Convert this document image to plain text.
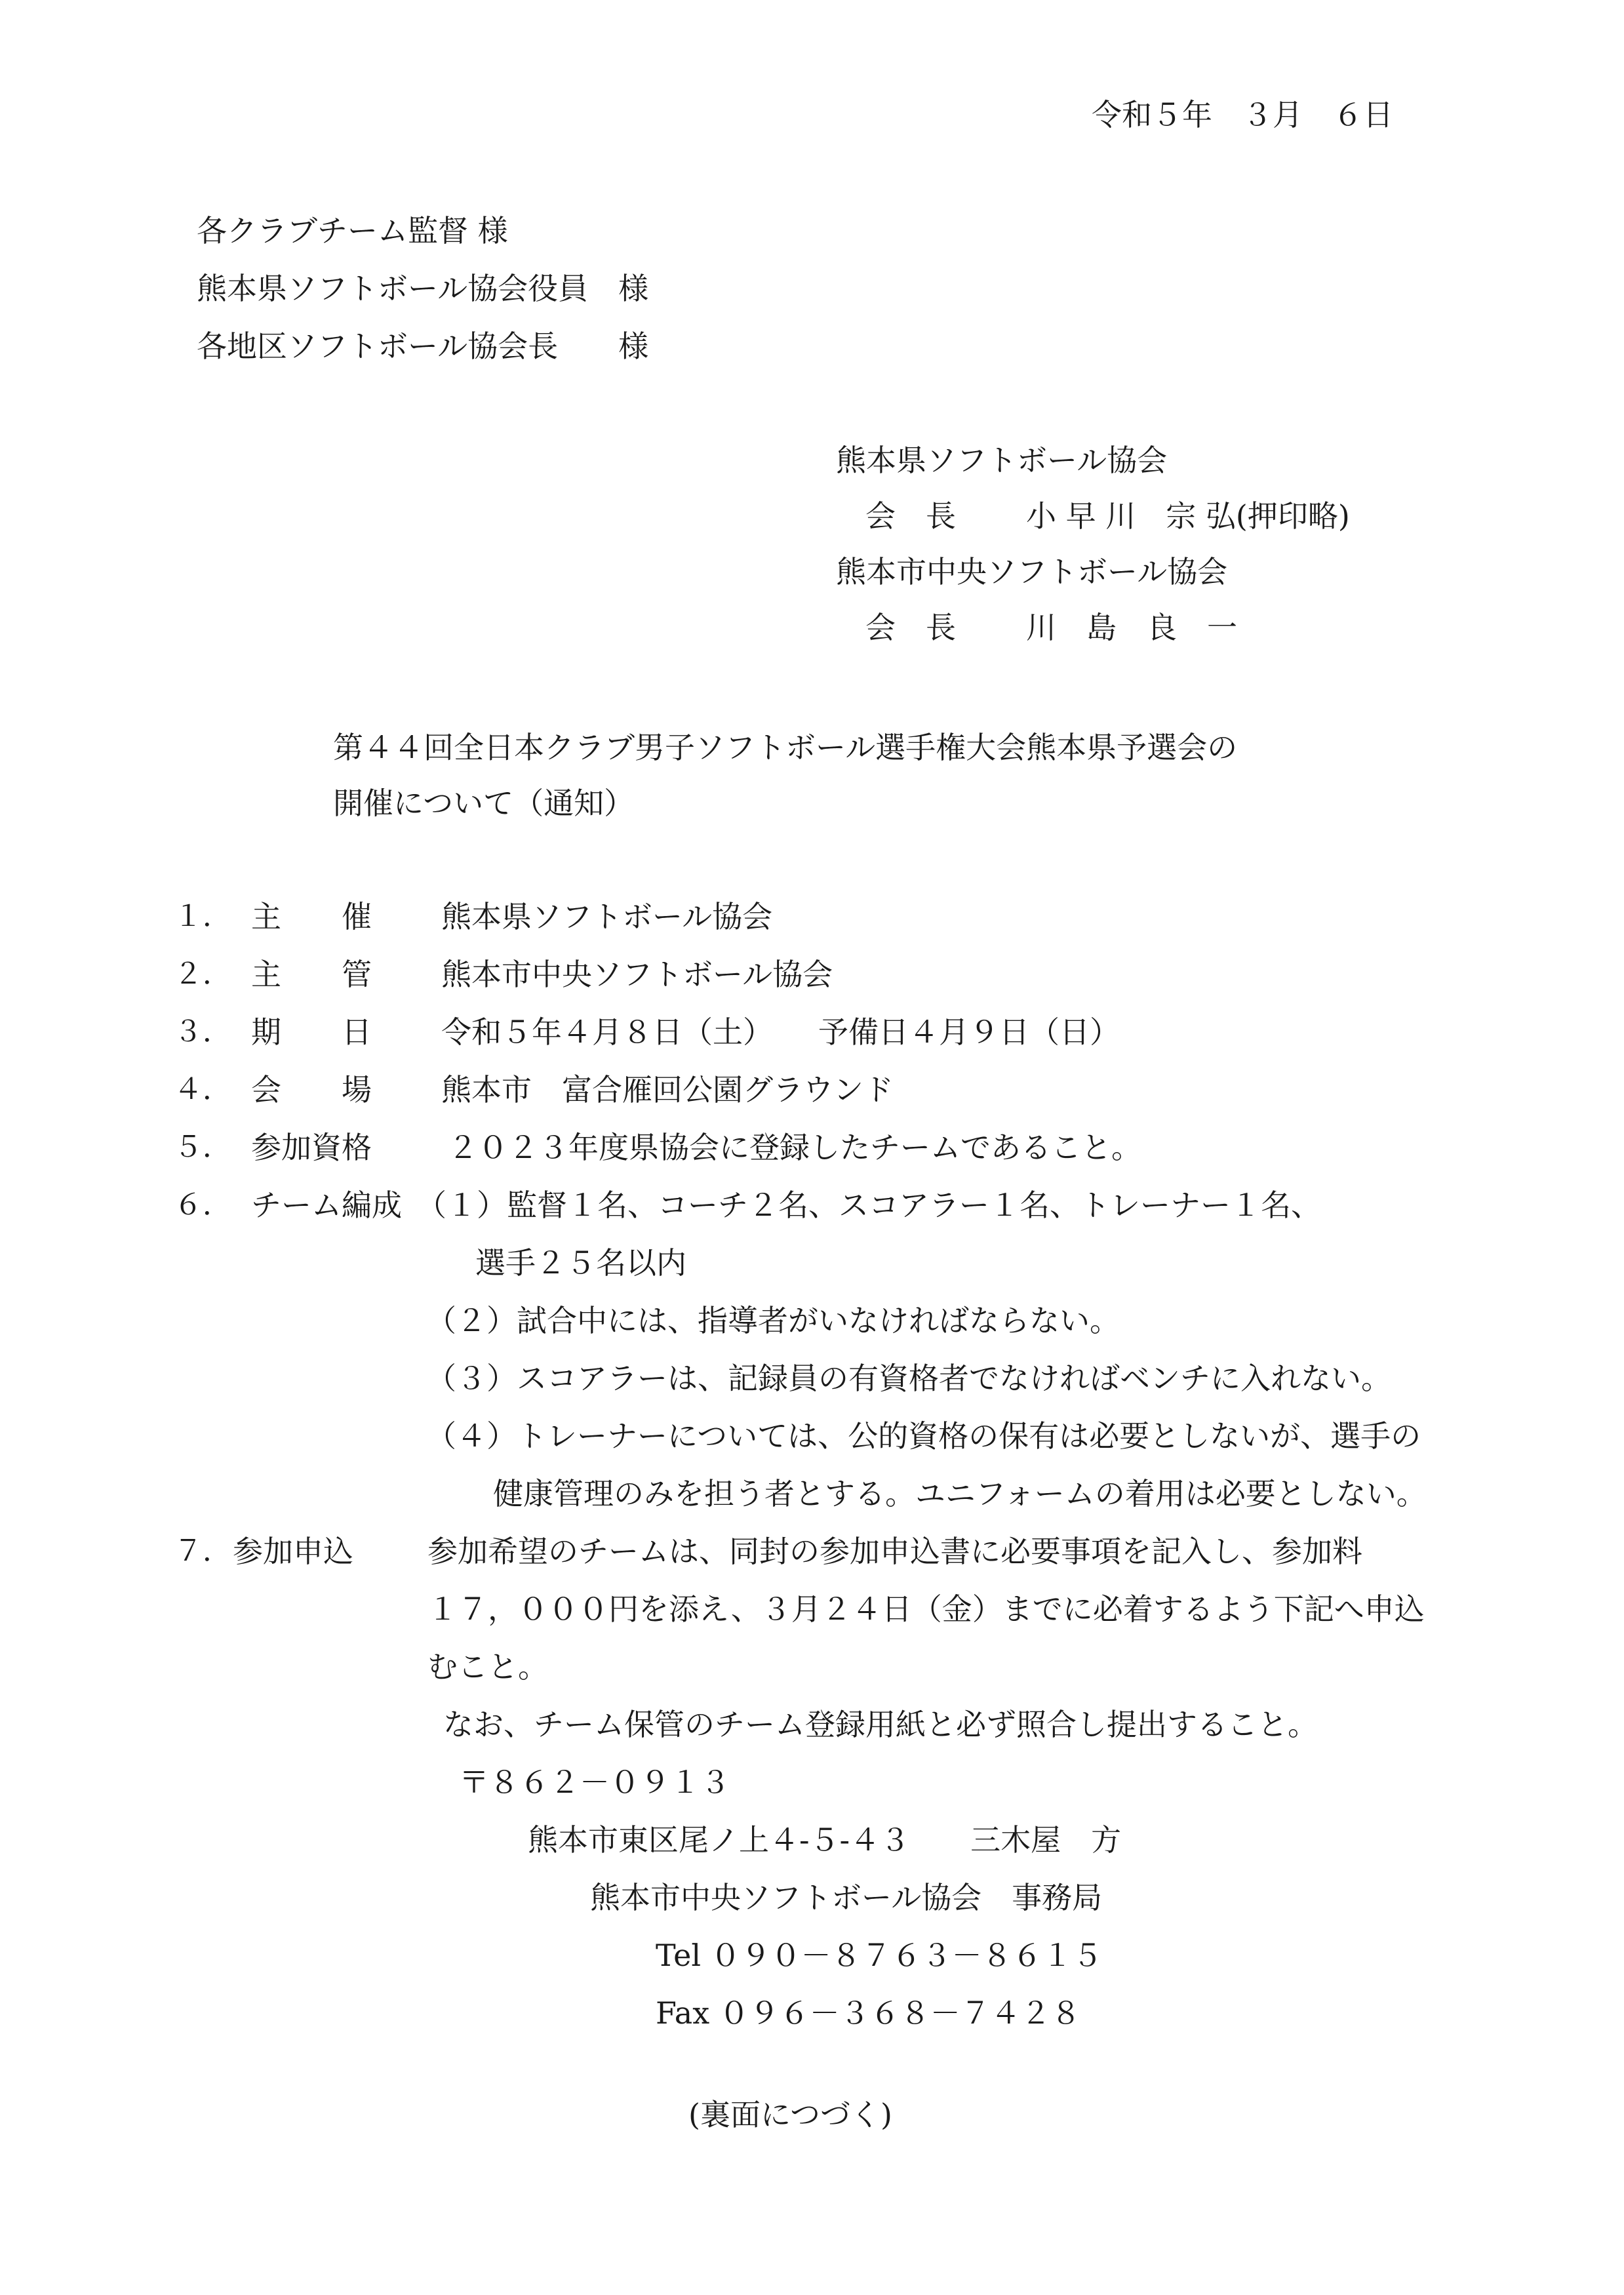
令和５年　３月　６日
各クラブチーム監督 様
熊本県ソフトボール協会役員　様
各地区ソフトボール協会長　　様
熊本県ソフトボール協会
会　長 小 早 川　宗 弘(押印略)
熊本市中央ソフトボール協会
会　長 川　島　良　一
第４４回全日本クラブ男子ソフトボール選手権大会熊本県予選会の
開催について（通知）
１． 主　　催 熊本県ソフトボール協会
２． 主　　管 熊本市中央ソフトボール協会
３． 期　　日 令和５年４月８日（土）　　予備日４月９日（日）
４． 会　　場 熊本市　富合雁回公園グラウンド
５． 参加資格	２０２３年度県協会に登録したチームであること。
６． チーム編成 （１）監督１名、コーチ２名、スコアラー１名、トレーナー１名、
選手２５名以内
（２）試合中には、指導者がいなければならない。
（３）スコアラーは、記録員の有資格者でなければベンチに入れない。
（４）トレーナーについては、公的資格の保有は必要としないが、選手の
健康管理のみを担う者とする。ユニフォームの着用は必要としない。
７． 参加申込 参加希望のチームは、同封の参加申込書に必要事項を記入し、参加料
１７，０００円を添え、３月２４日（金）までに必着するよう下記へ申込
むこと。
なお、チーム保管のチーム登録用紙と必ず照合し提出すること。
〒８６２－０９１３
熊本市東区尾ノ上４-５-４３　　三木屋　方
熊本市中央ソフトボール協会　事務局
Tel ０９０－８７６３－８６１５
Fax ０９６－３６８－７４２８
(裏面につづく)
